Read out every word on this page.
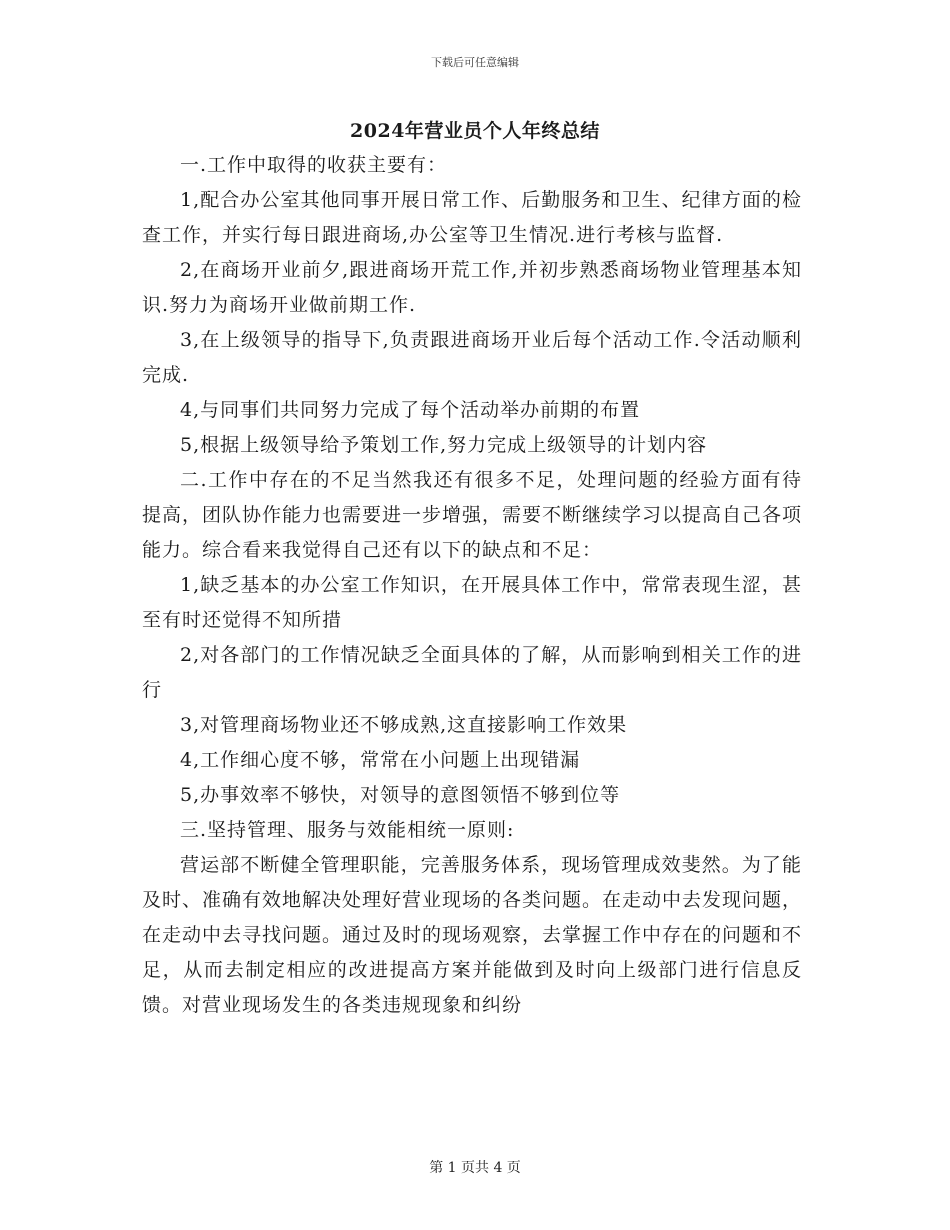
下载后可任意编辑
2024年营业员个人年终总结

一.工作中取得的收获主要有：

1,配合办公室其他同事开展日常工作、后勤服务和卫生、纪律方面的检查工作，并实行每日跟进商场,办公室等卫生情况.进行考核与监督.

2,在商场开业前夕,跟进商场开荒工作,并初步熟悉商场物业管理基本知识.努力为商场开业做前期工作.

3,在上级领导的指导下,负责跟进商场开业后每个活动工作.令活动顺利完成.

4,与同事们共同努力完成了每个活动举办前期的布置

5,根据上级领导给予策划工作,努力完成上级领导的计划内容

二.工作中存在的不足当然我还有很多不足，处理问题的经验方面有待提高，团队协作能力也需要进一步增强，需要不断继续学习以提高自己各项能力。综合看来我觉得自己还有以下的缺点和不足：

1,缺乏基本的办公室工作知识，在开展具体工作中，常常表现生涩，甚至有时还觉得不知所措

2,对各部门的工作情况缺乏全面具体的了解，从而影响到相关工作的进行

3,对管理商场物业还不够成熟,这直接影响工作效果

4,工作细心度不够，常常在小问题上出现错漏

5,办事效率不够快，对领导的意图领悟不够到位等

三.坚持管理、服务与效能相统一原则:

营运部不断健全管理职能，完善服务体系，现场管理成效斐然。为了能及时、准确有效地解决处理好营业现场的各类问题。在走动中去发现问题，在走动中去寻找问题。通过及时的现场观察，去掌握工作中存在的问题和不足，从而去制定相应的改进提高方案并能做到及时向上级部门进行信息反馈。对营业现场发生的各类违规现象和纠纷

第 1 页共 4 页
